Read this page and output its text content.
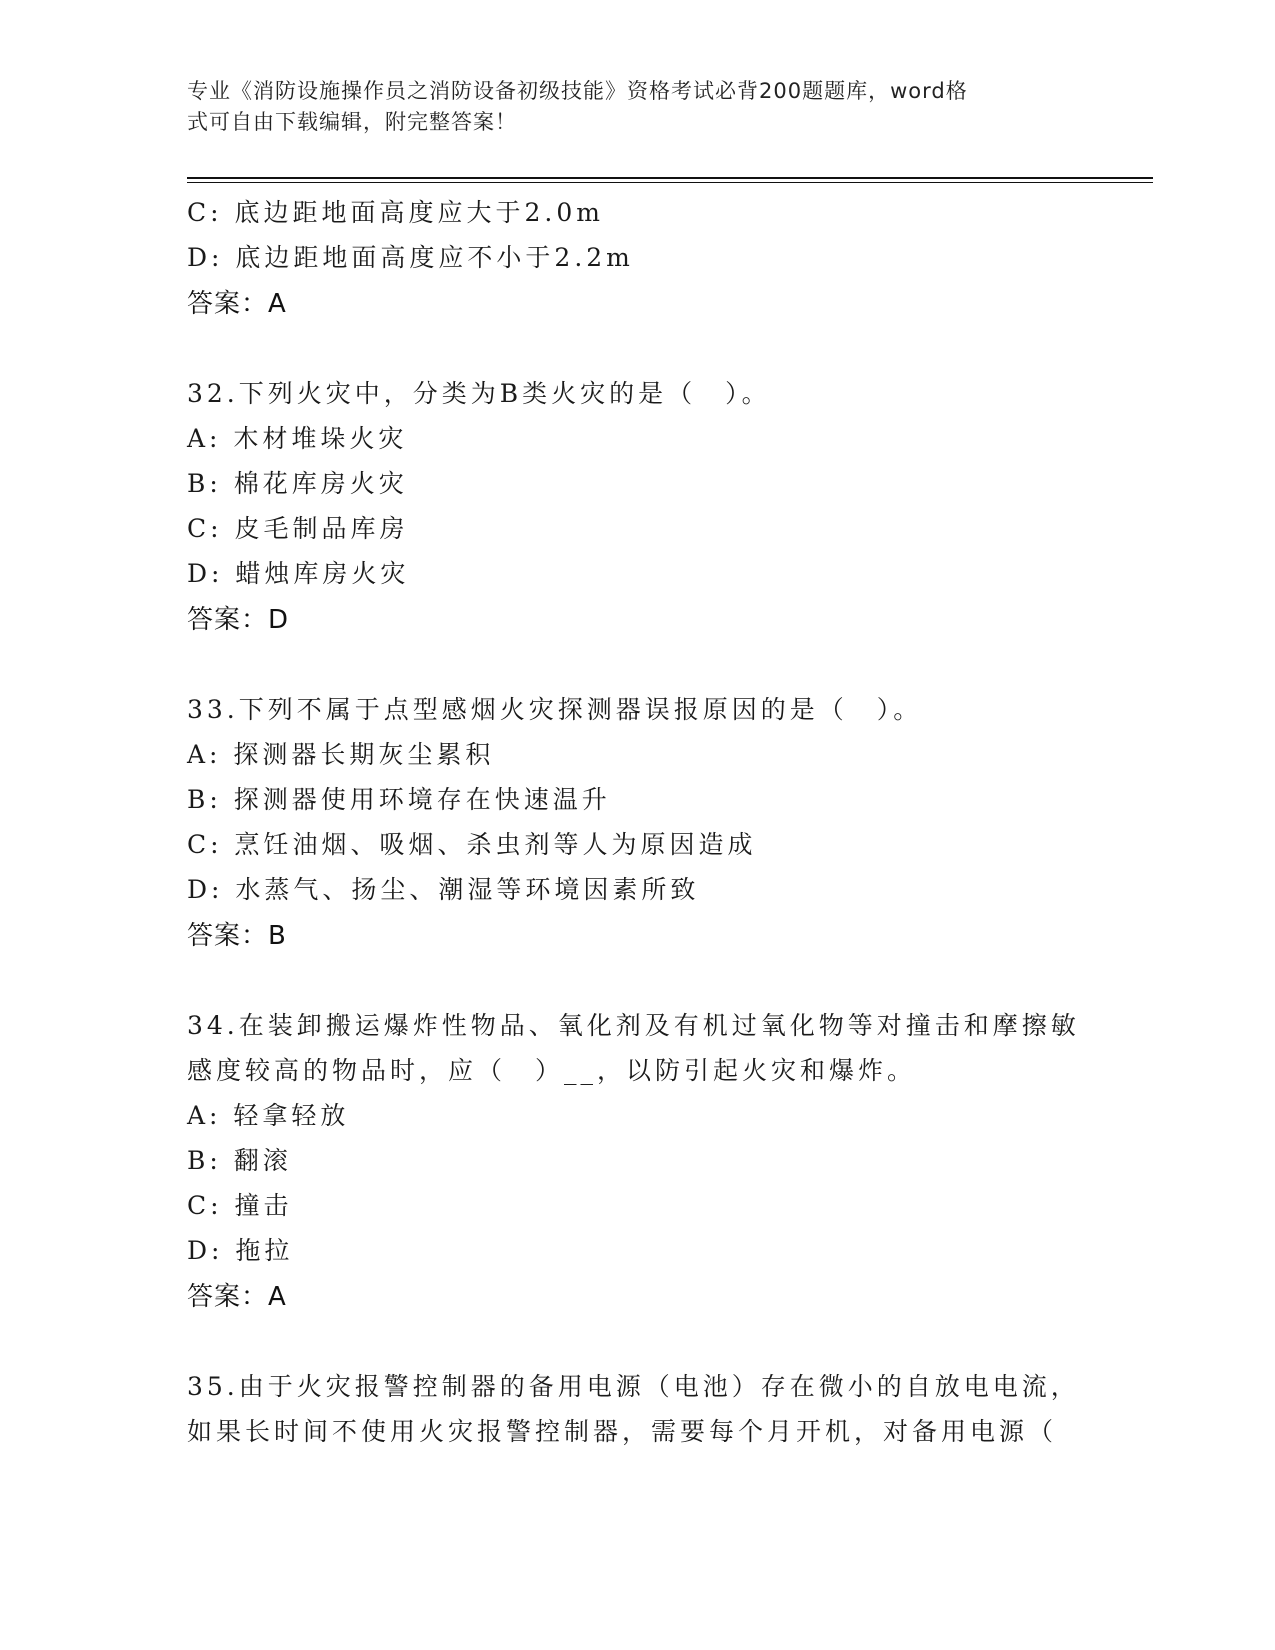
专业《消防设施操作员之消防设备初级技能》资格考试必背200题题库，word格
式可自由下载编辑，附完整答案！
C: 底边距地面高度应大于2.0m
D: 底边距地面高度应不小于2.2m
答案：A
32.下列火灾中，分类为B类火灾的是（　）。
A: 木材堆垛火灾
B: 棉花库房火灾
C: 皮毛制品库房
D: 蜡烛库房火灾
答案：D
33.下列不属于点型感烟火灾探测器误报原因的是（　）。
A: 探测器长期灰尘累积
B: 探测器使用环境存在快速温升
C: 烹饪油烟、吸烟、杀虫剂等人为原因造成
D: 水蒸气、扬尘、潮湿等环境因素所致
答案：B
34.在装卸搬运爆炸性物品、氧化剂及有机过氧化物等对撞击和摩擦敏
感度较高的物品时，应（　）__，以防引起火灾和爆炸。
A: 轻拿轻放
B: 翻滚
C: 撞击
D: 拖拉
答案：A
35.由于火灾报警控制器的备用电源（电池）存在微小的自放电电流，
如果长时间不使用火灾报警控制器，需要每个月开机，对备用电源（
